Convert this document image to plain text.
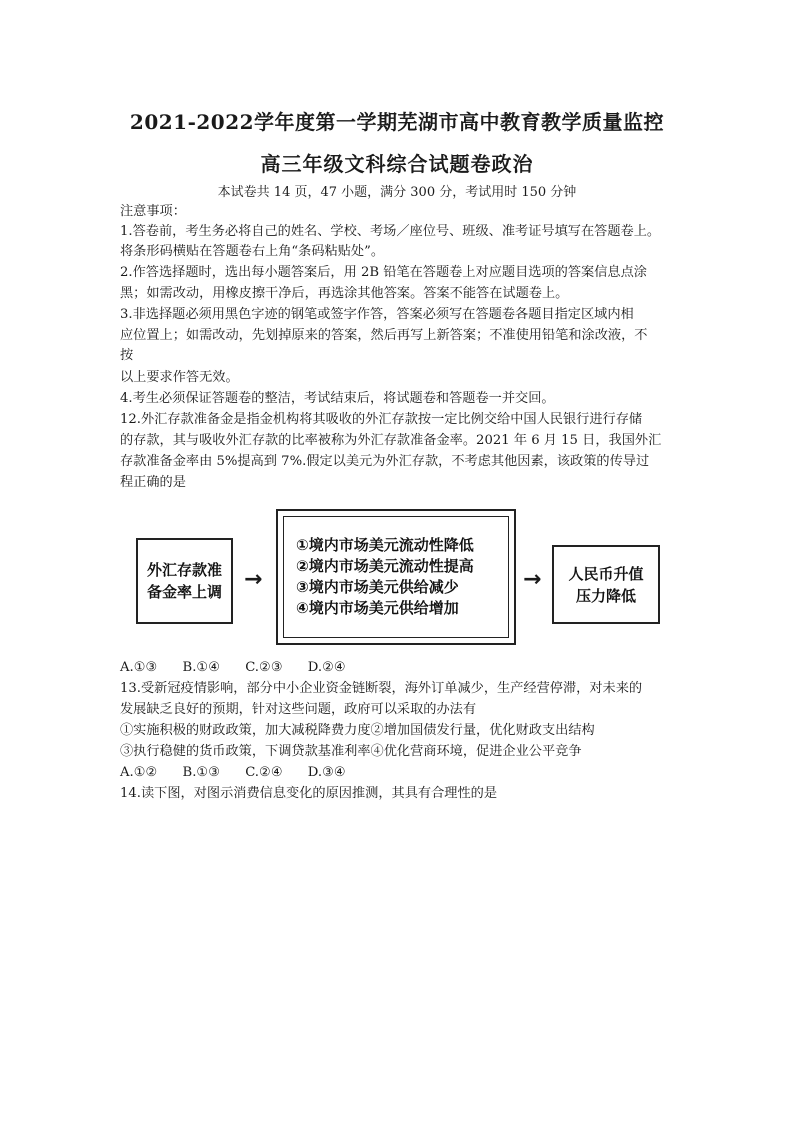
2021-2022学年度第一学期芜湖市高中教育教学质量监控
高三年级文科综合试题卷政治
本试卷共 14 页，47 小题，满分 300 分，考试用时 150 分钟
注意事项：
1.答卷前，考生务必将自己的姓名、学校、考场／座位号、班级、准考证号填写在答题卷上。
将条形码横贴在答题卷右上角“条码粘贴处”。
2.作答选择题时，选出每小题答案后，用 2B 铅笔在答题卷上对应题目选项的答案信息点涂
黑；如需改动，用橡皮擦干净后，再选涂其他答案。答案不能答在试题卷上。
3.非选择题必须用黑色字迹的钢笔或签字作答，答案必须写在答题卷各题目指定区域内相
应位置上；如需改动，先划掉原来的答案，然后再写上新答案；不准使用铅笔和涂改液，不
按
以上要求作答无效。
4.考生必须保证答题卷的整洁，考试结束后，将试题卷和答题卷一并交回。
12.外汇存款准备金是指金机构将其吸收的外汇存款按一定比例交给中国人民银行进行存储
的存款，其与吸收外汇存款的比率被称为外汇存款准备金率。2021 年 6 月 15 日，我国外汇
存款准备金率由 5%提高到 7%.假定以美元为外汇存款，不考虑其他因素，该政策的传导过
程正确的是
外汇存款准
备金率上调 →
①境内市场美元流动性降低
②境内市场美元流动性提高
③境内市场美元供给减少
④境内市场美元供给增加
→ 人民币升值
压力降低
A.①③      B.①④      C.②③      D.②④
13.受新冠疫情影响，部分中小企业资金链断裂，海外订单减少，生产经营停滞，对未来的
发展缺乏良好的预期，针对这些问题，政府可以采取的办法有
①实施积极的财政政策，加大减税降费力度②增加国债发行量，优化财政支出结构
③执行稳健的货币政策，下调贷款基准利率④优化营商环境，促进企业公平竞争
A.①②      B.①③      C.②④      D.③④
14.读下图，对图示消费信息变化的原因推测，其具有合理性的是
